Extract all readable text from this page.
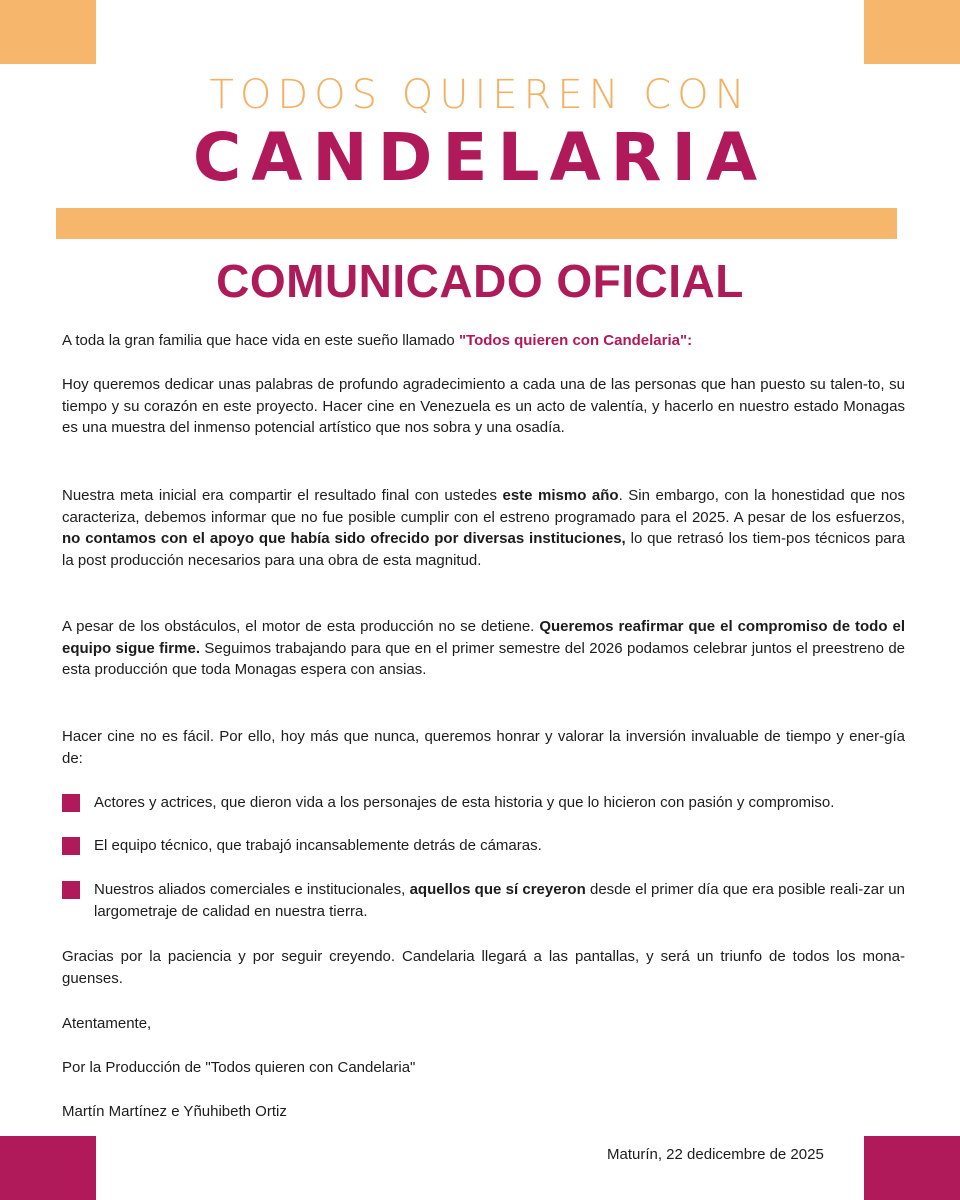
TODOS QUIEREN CON
CANDELARIA
COMUNICADO OFICIAL

A toda la gran familia que hace vida en este sueño llamado "Todos quieren con Candelaria":

Hoy queremos dedicar unas palabras de profundo agradecimiento a cada una de las personas que han puesto su talen-to, su tiempo y su corazón en este proyecto. Hacer cine en Venezuela es un acto de valentía, y hacerlo en nuestro estado Monagas es una muestra del inmenso potencial artístico que nos sobra y una osadía.

Nuestra meta inicial era compartir el resultado final con ustedes este mismo año. Sin embargo, con la honestidad que nos caracteriza, debemos informar que no fue posible cumplir con el estreno programado para el 2025. A pesar de los esfuerzos, no contamos con el apoyo que había sido ofrecido por diversas instituciones, lo que retrasó los tiem-pos técnicos para la post producción necesarios para una obra de esta magnitud.

A pesar de los obstáculos, el motor de esta producción no se detiene. Queremos reafirmar que el compromiso de todo el equipo sigue firme. Seguimos trabajando para que en el primer semestre del 2026 podamos celebrar juntos el preestreno de esta producción que toda Monagas espera con ansias.

Hacer cine no es fácil. Por ello, hoy más que nunca, queremos honrar y valorar la inversión invaluable de tiempo y ener-gía de:

Actores y actrices, que dieron vida a los personajes de esta historia y que lo hicieron con pasión y compromiso.
El equipo técnico, que trabajó incansablemente detrás de cámaras.
Nuestros aliados comerciales e institucionales, aquellos que sí creyeron desde el primer día que era posible reali-zar un largometraje de calidad en nuestra tierra.

Gracias por la paciencia y por seguir creyendo. Candelaria llegará a las pantallas, y será un triunfo de todos los mona-guenses.

Atentamente,
Por la Producción de "Todos quieren con Candelaria"
Martín Martínez e Yñuhibeth Ortiz
Maturín, 22 dedicembre de 2025
